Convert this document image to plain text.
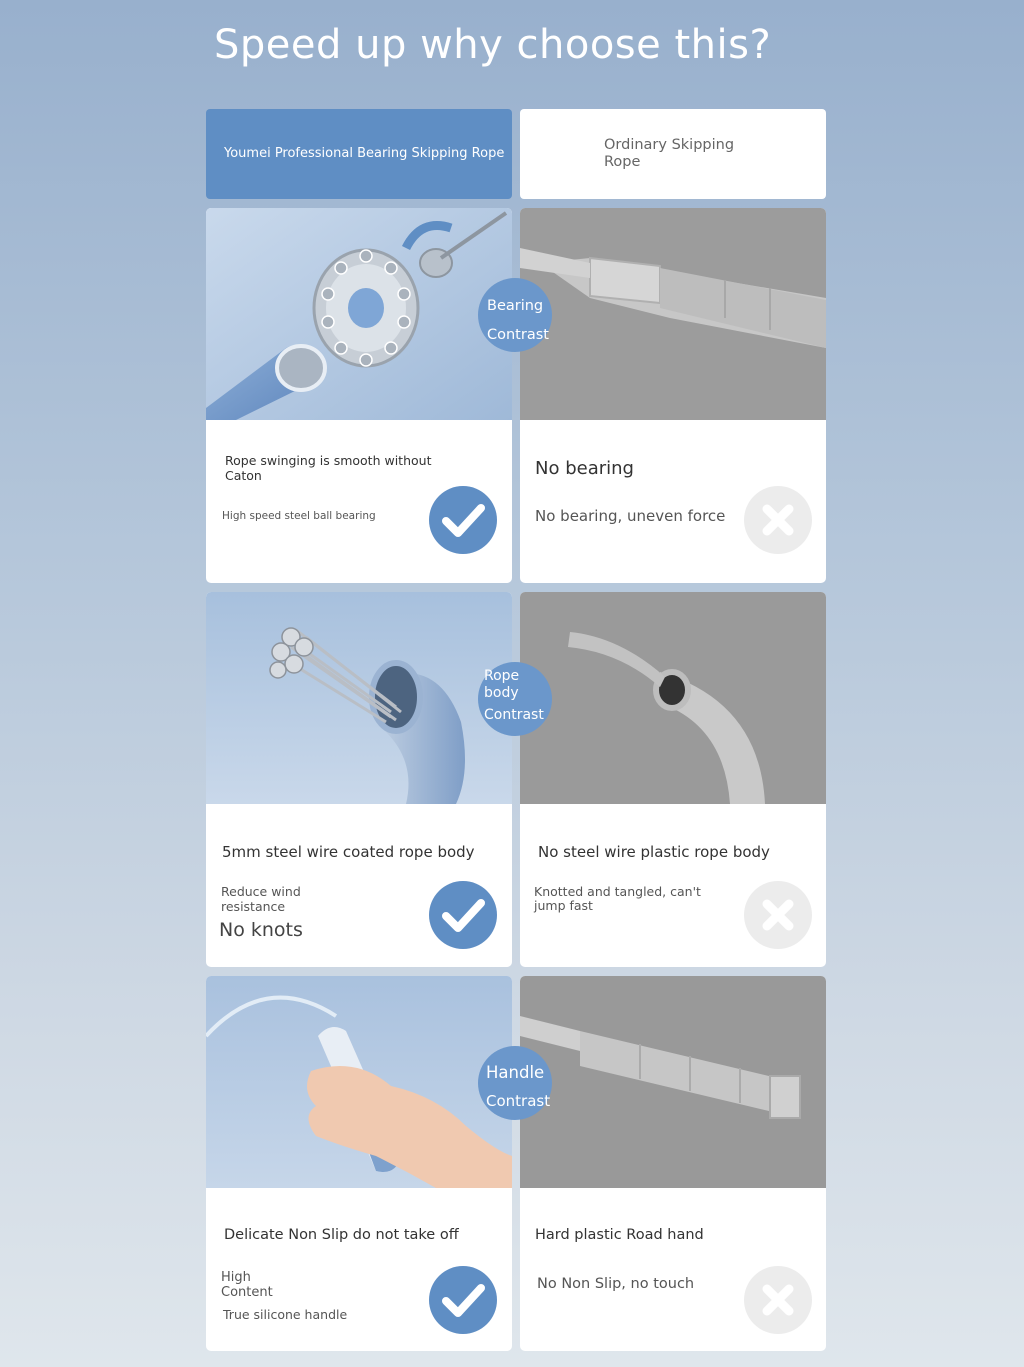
Speed up why choose this?
Youmei Professional Bearing Skipping Rope
Ordinary Skipping Rope
Rope swinging is smooth without Caton
High speed steel ball bearing
No bearing
No bearing, uneven force
Bearing
Contrast
5mm steel wire coated rope body
Reduce wind resistance
No knots
No steel wire plastic rope body
Knotted and tangled, can't jump fast
Rope
body
Contrast
Delicate Non Slip do not take off
High Content
True silicone handle
Hard plastic Road hand
No Non Slip, no touch
Handle
Contrast
